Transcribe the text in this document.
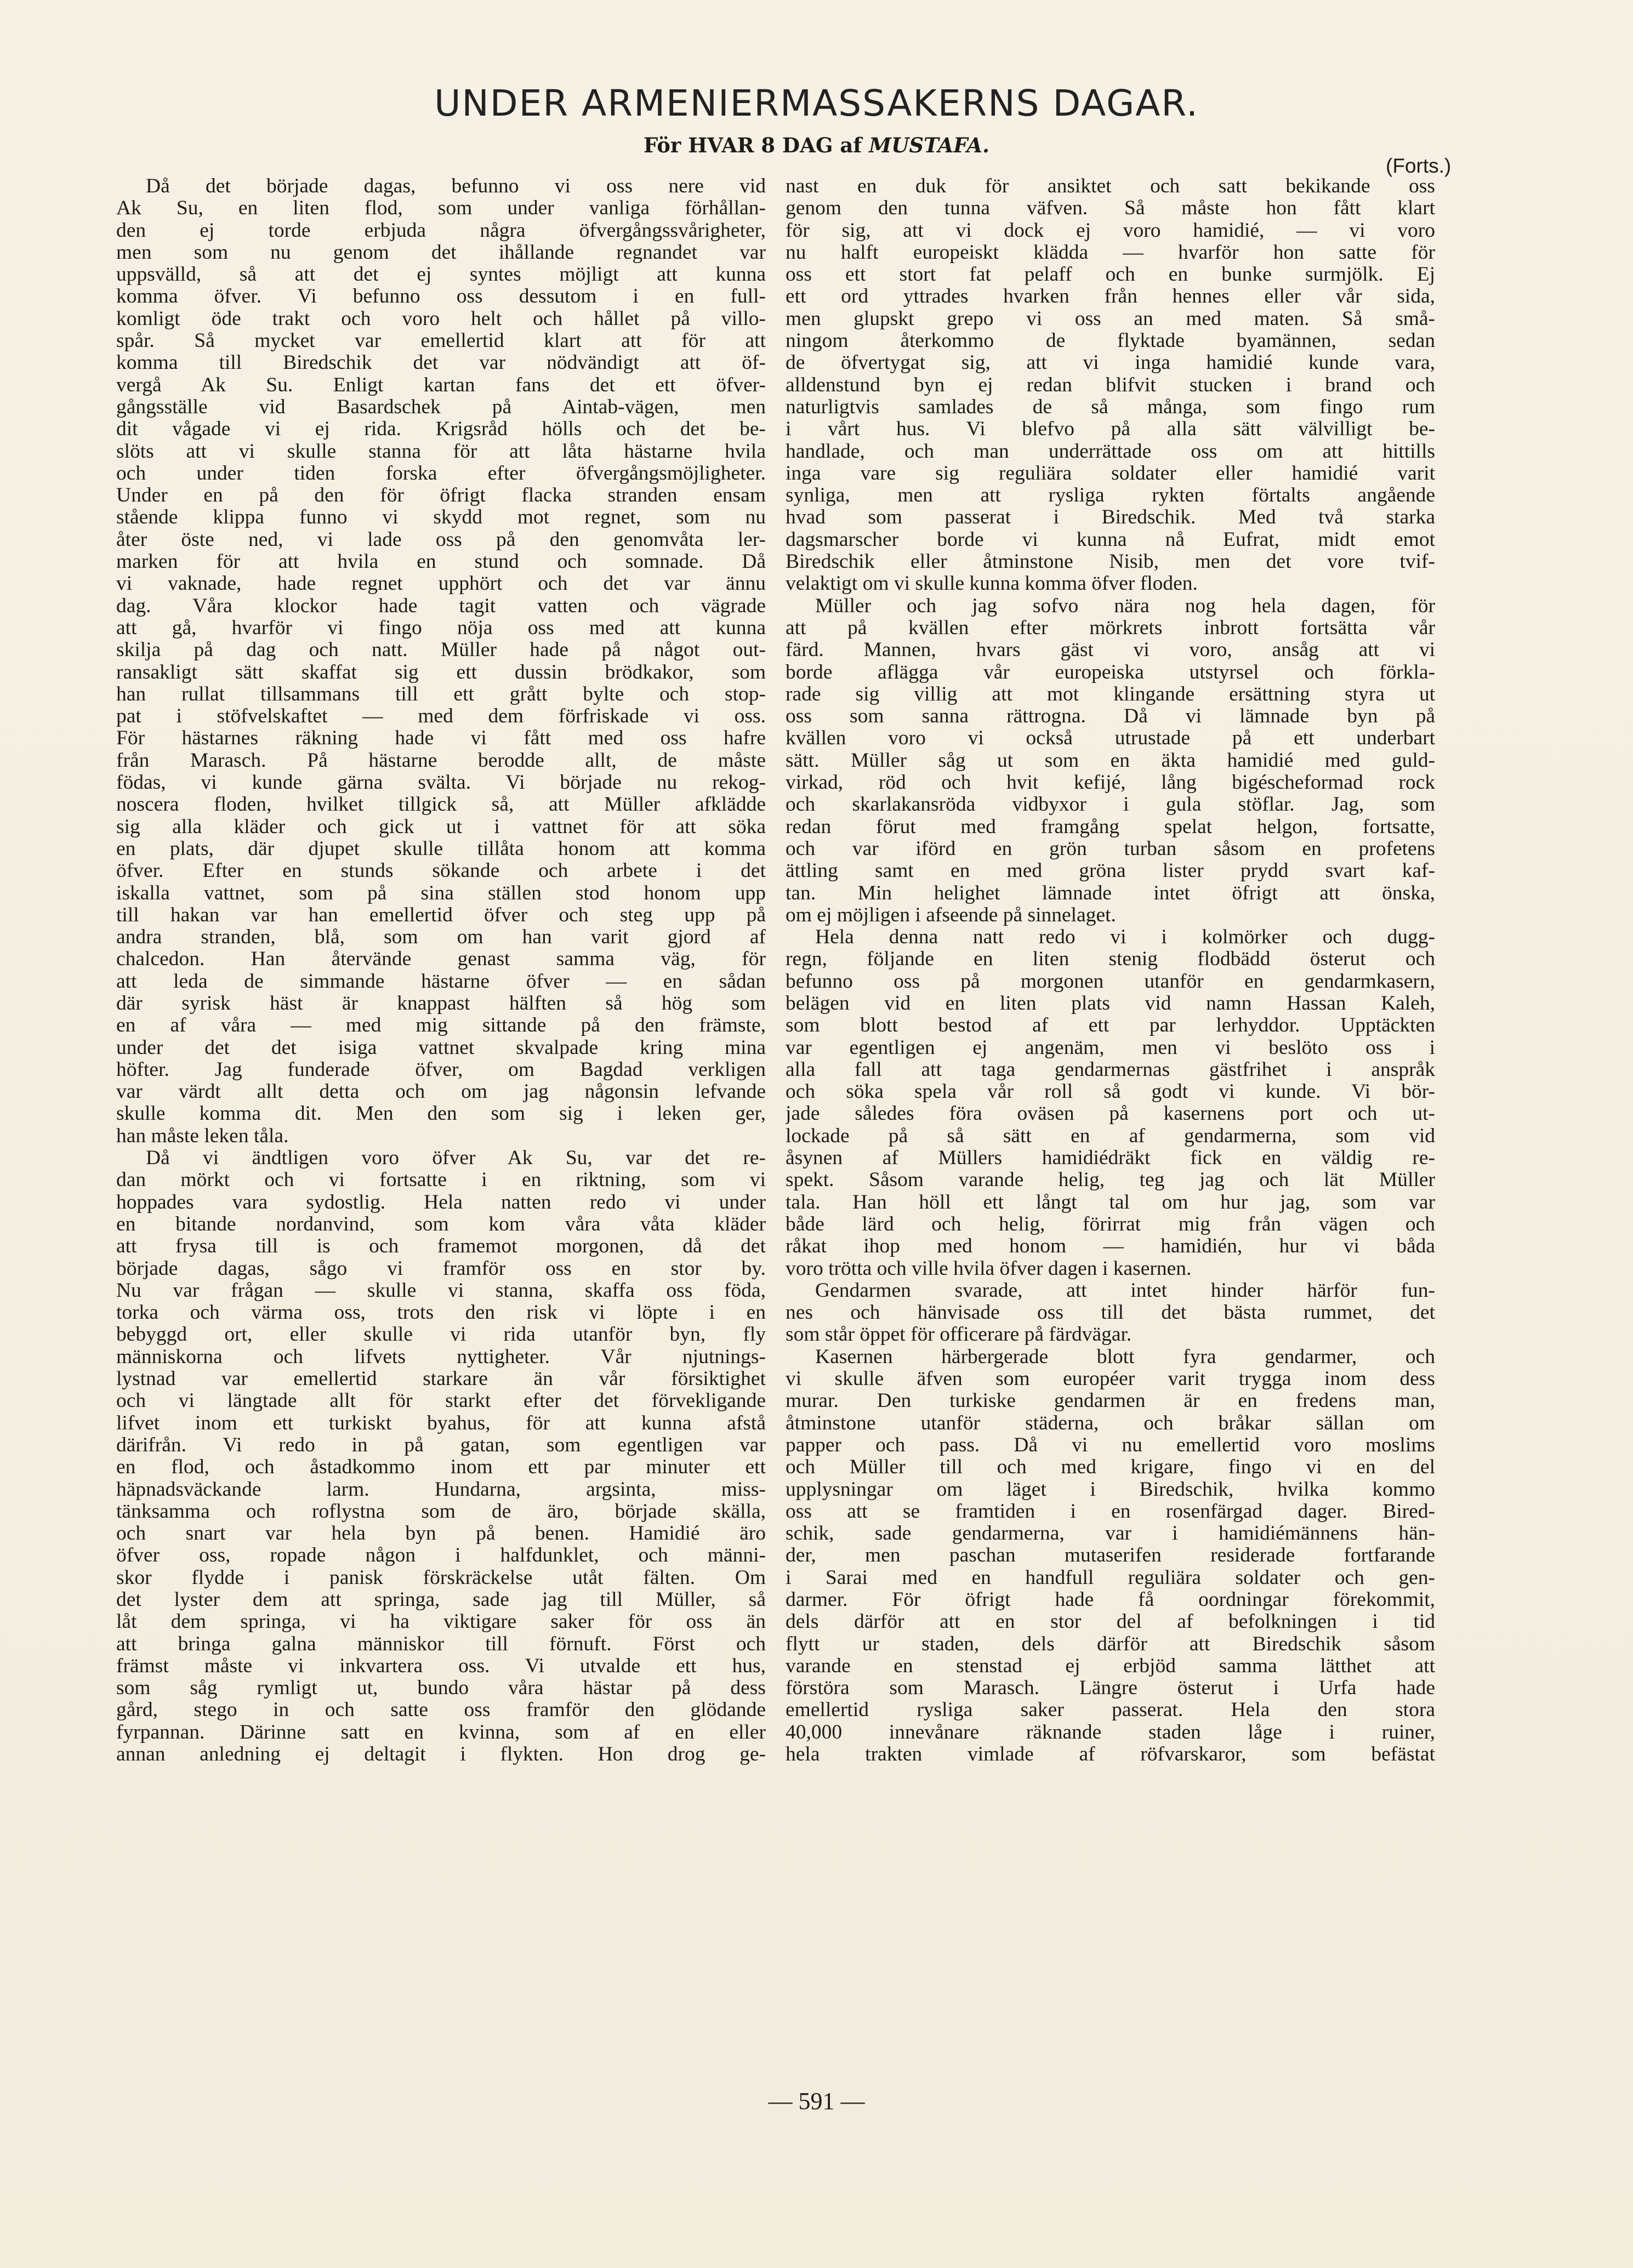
UNDER ARMENIERMASSAKERNS DAGAR.
För HVAR 8 DAG af MUSTAFA.
(Forts.)
Då det började dagas, befunno vi oss nere vid
Ak Su, en liten flod, som under vanliga förhållan-
den ej torde erbjuda några öfvergångssvårigheter,
men som nu genom det ihållande regnandet var
uppsvälld, så att det ej syntes möjligt att kunna
komma öfver. Vi befunno oss dessutom i en full-
komligt öde trakt och voro helt och hållet på villo-
spår. Så mycket var emellertid klart att för att
komma till Biredschik det var nödvändigt att öf-
vergå Ak Su. Enligt kartan fans det ett öfver-
gångsställe vid Basardschek på Aintab-vägen, men
dit vågade vi ej rida. Krigsråd hölls och det be-
slöts att vi skulle stanna för att låta hästarne hvila
och under tiden forska efter öfvergångsmöjligheter.
Under en på den för öfrigt flacka stranden ensam
stående klippa funno vi skydd mot regnet, som nu
åter öste ned, vi lade oss på den genomvåta ler-
marken för att hvila en stund och somnade. Då
vi vaknade, hade regnet upphört och det var ännu
dag. Våra klockor hade tagit vatten och vägrade
att gå, hvarför vi fingo nöja oss med att kunna
skilja på dag och natt. Müller hade på något out-
ransakligt sätt skaffat sig ett dussin brödkakor, som
han rullat tillsammans till ett grått bylte och stop-
pat i stöfvelskaftet — med dem förfriskade vi oss.
För hästarnes räkning hade vi fått med oss hafre
från Marasch. På hästarne berodde allt, de måste
födas, vi kunde gärna svälta. Vi började nu rekog-
noscera floden, hvilket tillgick så, att Müller afklädde
sig alla kläder och gick ut i vattnet för att söka
en plats, där djupet skulle tillåta honom att komma
öfver. Efter en stunds sökande och arbete i det
iskalla vattnet, som på sina ställen stod honom upp
till hakan var han emellertid öfver och steg upp på
andra stranden, blå, som om han varit gjord af
chalcedon. Han återvände genast samma väg, för
att leda de simmande hästarne öfver — en sådan
där syrisk häst är knappast hälften så hög som
en af våra — med mig sittande på den främste,
under det det isiga vattnet skvalpade kring mina
höfter. Jag funderade öfver, om Bagdad verkligen
var värdt allt detta och om jag någonsin lefvande
skulle komma dit. Men den som sig i leken ger,
han måste leken tåla.
Då vi ändtligen voro öfver Ak Su, var det re-
dan mörkt och vi fortsatte i en riktning, som vi
hoppades vara sydostlig. Hela natten redo vi under
en bitande nordanvind, som kom våra våta kläder
att frysa till is och framemot morgonen, då det
började dagas, sågo vi framför oss en stor by.
Nu var frågan — skulle vi stanna, skaffa oss föda,
torka och värma oss, trots den risk vi löpte i en
bebyggd ort, eller skulle vi rida utanför byn, fly
människorna och lifvets nyttigheter. Vår njutnings-
lystnad var emellertid starkare än vår försiktighet
och vi längtade allt för starkt efter det förvekligande
lifvet inom ett turkiskt byahus, för att kunna afstå
därifrån. Vi redo in på gatan, som egentligen var
en flod, och åstadkommo inom ett par minuter ett
häpnadsväckande larm. Hundarna, argsinta, miss-
tänksamma och roflystna som de äro, började skälla,
och snart var hela byn på benen. Hamidié äro
öfver oss, ropade någon i halfdunklet, och männi-
skor flydde i panisk förskräckelse utåt fälten. Om
det lyster dem att springa, sade jag till Müller, så
låt dem springa, vi ha viktigare saker för oss än
att bringa galna människor till förnuft. Först och
främst måste vi inkvartera oss. Vi utvalde ett hus,
som såg rymligt ut, bundo våra hästar på dess
gård, stego in och satte oss framför den glödande
fyrpannan. Därinne satt en kvinna, som af en eller
annan anledning ej deltagit i flykten. Hon drog ge-
nast en duk för ansiktet och satt bekikande oss
genom den tunna väfven. Så måste hon fått klart
för sig, att vi dock ej voro hamidié, — vi voro
nu halft europeiskt klädda — hvarför hon satte för
oss ett stort fat pelaff och en bunke surmjölk. Ej
ett ord yttrades hvarken från hennes eller vår sida,
men glupskt grepo vi oss an med maten. Så små-
ningom återkommo de flyktade byamännen, sedan
de öfvertygat sig, att vi inga hamidié kunde vara,
alldenstund byn ej redan blifvit stucken i brand och
naturligtvis samlades de så många, som fingo rum
i vårt hus. Vi blefvo på alla sätt välvilligt be-
handlade, och man underrättade oss om att hittills
inga vare sig reguliära soldater eller hamidié varit
synliga, men att rysliga rykten förtalts angående
hvad som passerat i Biredschik. Med två starka
dagsmarscher borde vi kunna nå Eufrat, midt emot
Biredschik eller åtminstone Nisib, men det vore tvif-
velaktigt om vi skulle kunna komma öfver floden.
Müller och jag sofvo nära nog hela dagen, för
att på kvällen efter mörkrets inbrott fortsätta vår
färd. Mannen, hvars gäst vi voro, ansåg att vi
borde aflägga vår europeiska utstyrsel och förkla-
rade sig villig att mot klingande ersättning styra ut
oss som sanna rättrogna. Då vi lämnade byn på
kvällen voro vi också utrustade på ett underbart
sätt. Müller såg ut som en äkta hamidié med guld-
virkad, röd och hvit kefijé, lång bigéscheformad rock
och skarlakansröda vidbyxor i gula stöflar. Jag, som
redan förut med framgång spelat helgon, fortsatte,
och var iförd en grön turban såsom en profetens
ättling samt en med gröna lister prydd svart kaf-
tan. Min helighet lämnade intet öfrigt att önska,
om ej möjligen i afseende på sinnelaget.
Hela denna natt redo vi i kolmörker och dugg-
regn, följande en liten stenig flodbädd österut och
befunno oss på morgonen utanför en gendarmkasern,
belägen vid en liten plats vid namn Hassan Kaleh,
som blott bestod af ett par lerhyddor. Upptäckten
var egentligen ej angenäm, men vi beslöto oss i
alla fall att taga gendarmernas gästfrihet i anspråk
och söka spela vår roll så godt vi kunde. Vi bör-
jade således föra oväsen på kasernens port och ut-
lockade på så sätt en af gendarmerna, som vid
åsynen af Müllers hamidiédräkt fick en väldig re-
spekt. Såsom varande helig, teg jag och lät Müller
tala. Han höll ett långt tal om hur jag, som var
både lärd och helig, förirrat mig från vägen och
råkat ihop med honom — hamidién, hur vi båda
voro trötta och ville hvila öfver dagen i kasernen.
Gendarmen svarade, att intet hinder härför fun-
nes och hänvisade oss till det bästa rummet, det
som står öppet för officerare på färdvägar.
Kasernen härbergerade blott fyra gendarmer, och
vi skulle äfven som européer varit trygga inom dess
murar. Den turkiske gendarmen är en fredens man,
åtminstone utanför städerna, och bråkar sällan om
papper och pass. Då vi nu emellertid voro moslims
och Müller till och med krigare, fingo vi en del
upplysningar om läget i Biredschik, hvilka kommo
oss att se framtiden i en rosenfärgad dager. Bired-
schik, sade gendarmerna, var i hamidiémännens hän-
der, men paschan mutaserifen residerade fortfarande
i Sarai med en handfull reguliära soldater och gen-
darmer. För öfrigt hade få oordningar förekommit,
dels därför att en stor del af befolkningen i tid
flytt ur staden, dels därför att Biredschik såsom
varande en stenstad ej erbjöd samma lätthet att
förstöra som Marasch. Längre österut i Urfa hade
emellertid rysliga saker passerat. Hela den stora
40,000 innevånare räknande staden låge i ruiner,
hela trakten vimlade af röfvarskaror, som befästat
— 591 —
